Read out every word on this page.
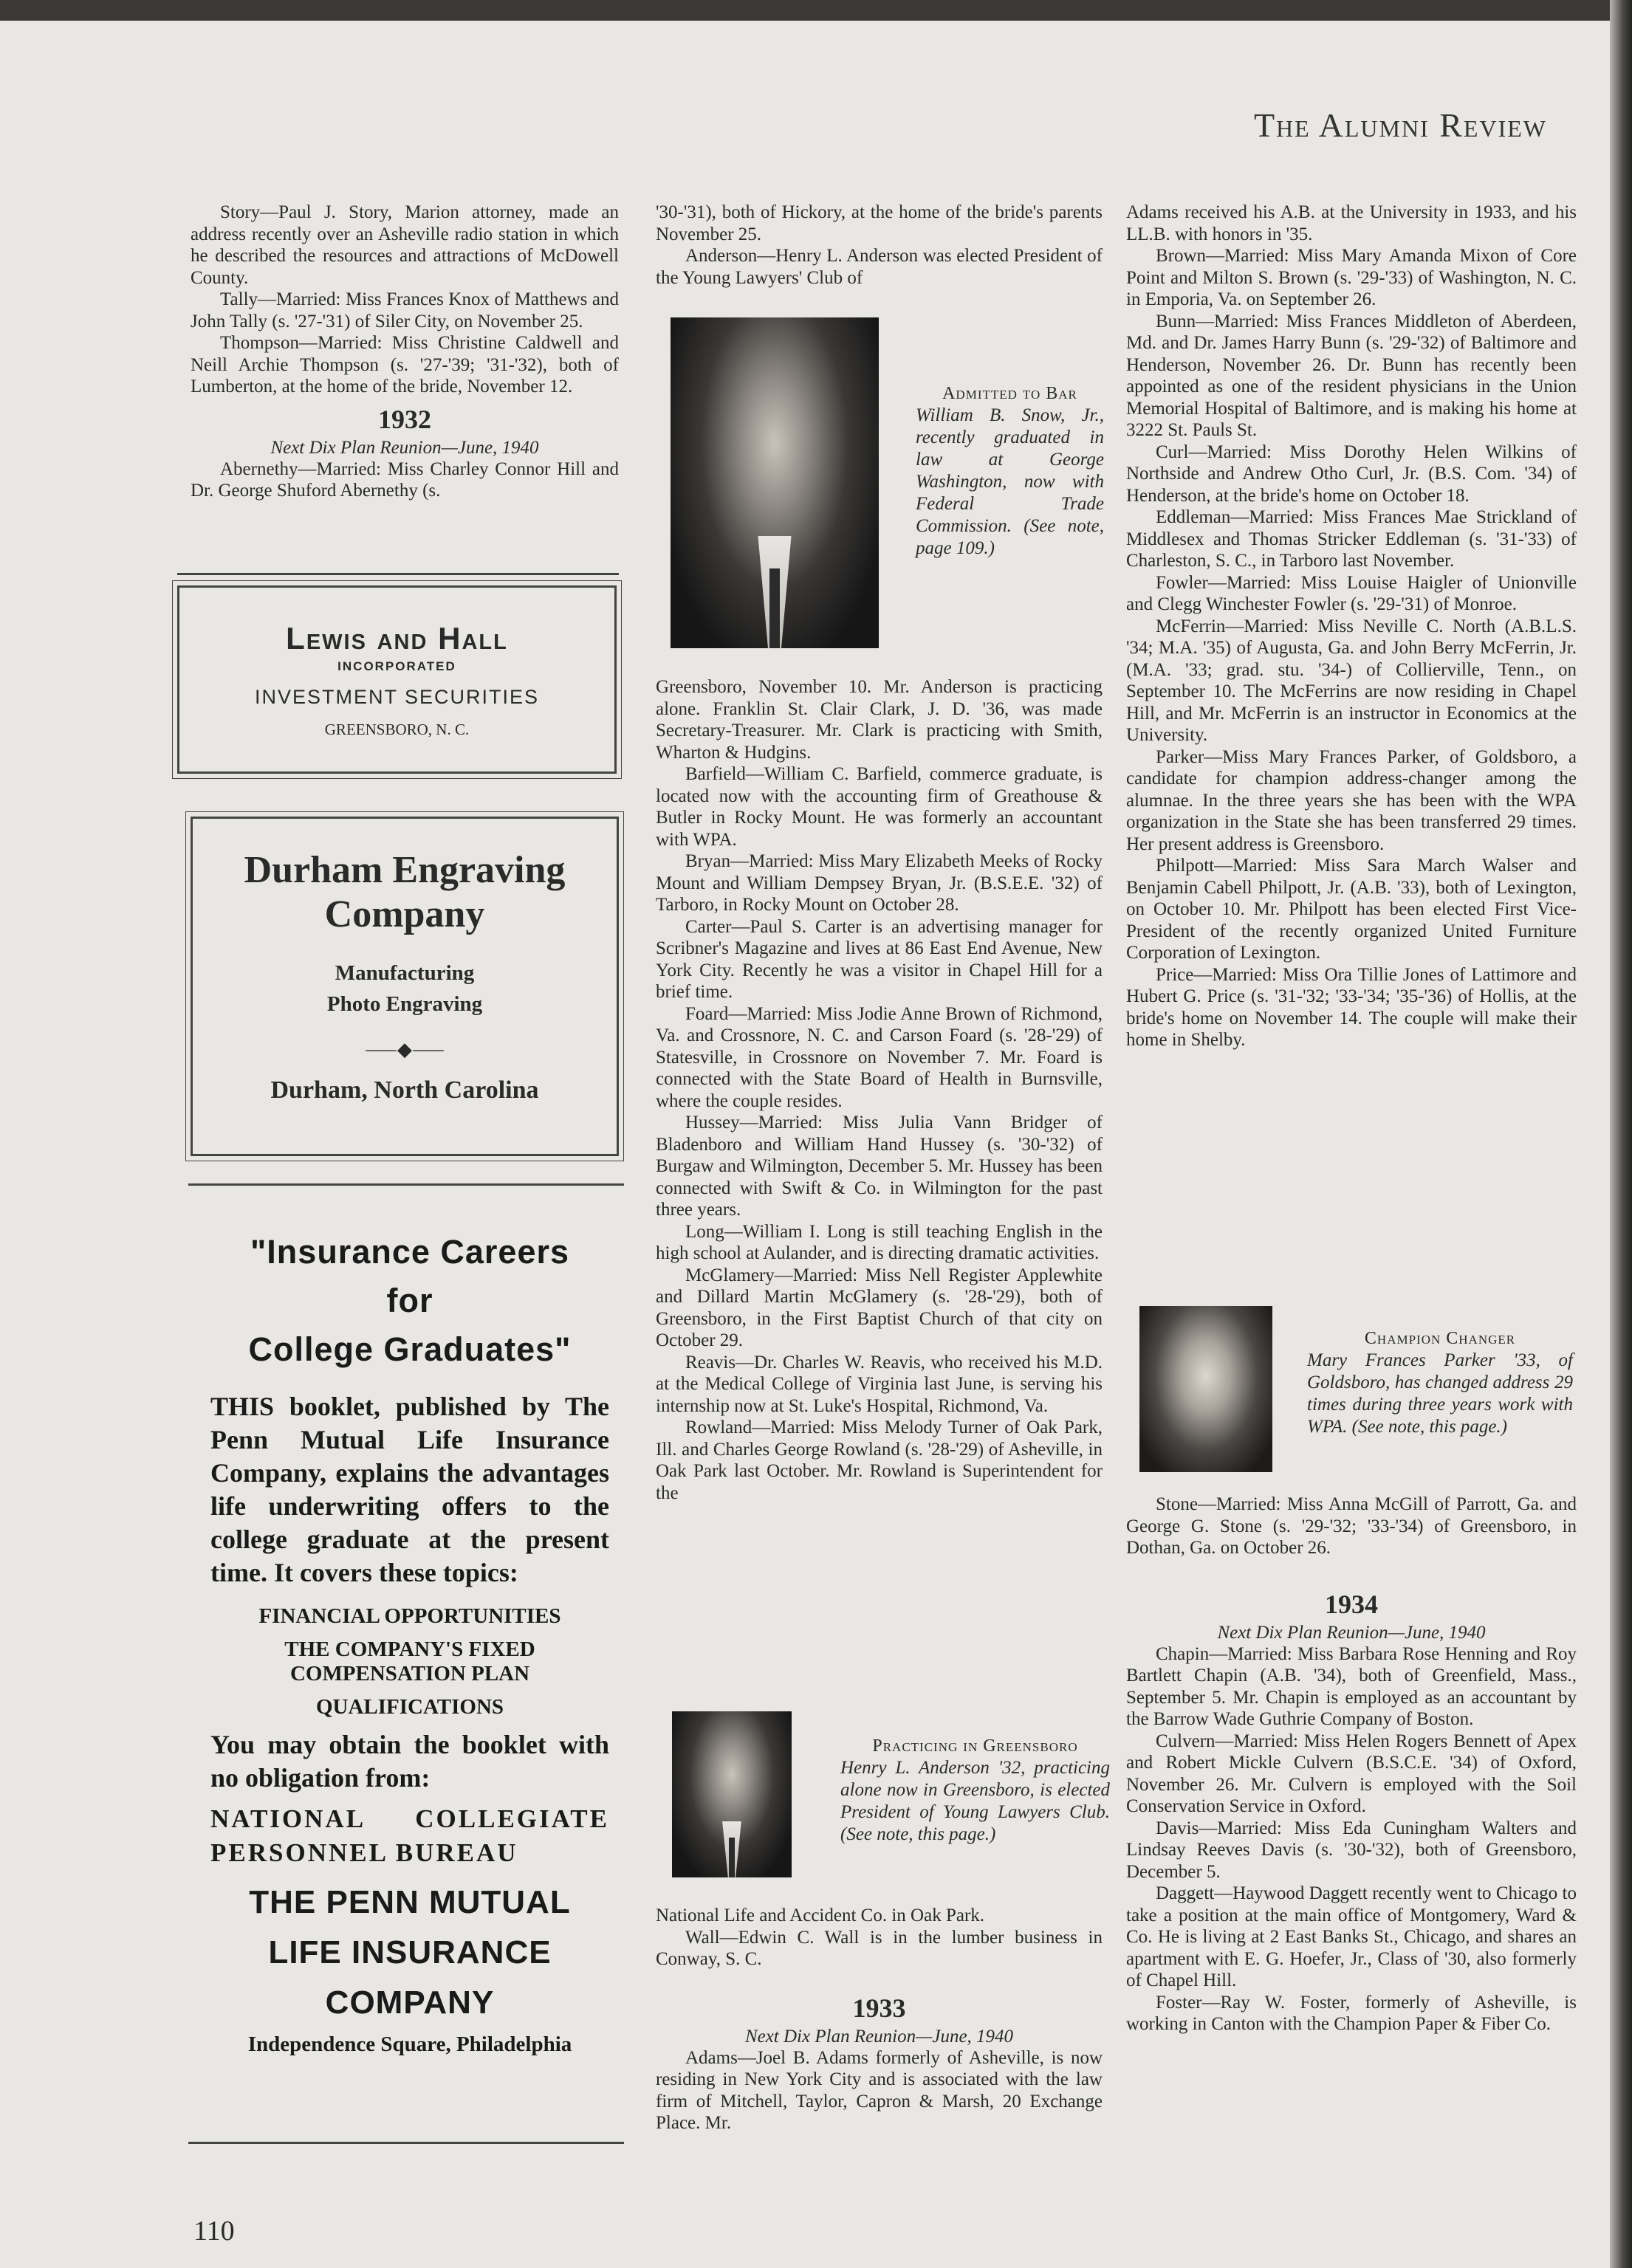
The Alumni Review

Story—Paul J. Story, Marion attorney, made an address recently over an Asheville radio station in which he described the resources and attractions of McDowell County.

Tally—Married: Miss Frances Knox of Matthews and John Tally (s. '27-'31) of Siler City, on November 25.

Thompson—Married: Miss Christine Caldwell and Neill Archie Thompson (s. '27-'39; '31-'32), both of Lumberton, at the home of the bride, November 12.

1932
Next Dix Plan Reunion—June, 1940

Abernethy—Married: Miss Charley Connor Hill and Dr. George Shuford Abernethy (s.

Lewis and Hall
INCORPORATED
INVESTMENT SECURITIES
GREENSBORO, N. C.
Durham Engraving
Company
Manufacturing
Photo Engraving
⸺◆⸺
Durham, North Carolina
"Insurance Careers
for
College Graduates"
THIS booklet, published by The Penn Mutual Life Insurance Company, explains the advantages life underwriting offers to the college graduate at the present time. It covers these topics:
FINANCIAL OPPORTUNITIES
THE COMPANY'S FIXED COMPENSATION PLAN
QUALIFICATIONS
You may obtain the booklet with no obligation from:
NATIONAL COLLEGIATE PERSONNEL BUREAU
THE PENN MUTUAL
LIFE INSURANCE
COMPANY
Independence Square, Philadelphia

'30-'31), both of Hickory, at the home of the bride's parents November 25.

Anderson—Henry L. Anderson was elected President of the Young Lawyers' Club of

Admitted to Bar
William B. Snow, Jr., recently graduated in law at George Washington, now with Federal Trade Commission. (See note, page 109.)

Greensboro, November 10. Mr. Anderson is practicing alone. Franklin St. Clair Clark, J. D. '36, was made Secretary-Treasurer. Mr. Clark is practicing with Smith, Wharton & Hudgins.

Barfield—William C. Barfield, commerce graduate, is located now with the accounting firm of Greathouse & Butler in Rocky Mount. He was formerly an accountant with WPA.

Bryan—Married: Miss Mary Elizabeth Meeks of Rocky Mount and William Dempsey Bryan, Jr. (B.S.E.E. '32) of Tarboro, in Rocky Mount on October 28.

Carter—Paul S. Carter is an advertising manager for Scribner's Magazine and lives at 86 East End Avenue, New York City. Recently he was a visitor in Chapel Hill for a brief time.

Foard—Married: Miss Jodie Anne Brown of Richmond, Va. and Crossnore, N. C. and Carson Foard (s. '28-'29) of Statesville, in Crossnore on November 7. Mr. Foard is connected with the State Board of Health in Burnsville, where the couple resides.

Hussey—Married: Miss Julia Vann Bridger of Bladenboro and William Hand Hussey (s. '30-'32) of Burgaw and Wilmington, December 5. Mr. Hussey has been connected with Swift & Co. in Wilmington for the past three years.

Long—William I. Long is still teaching English in the high school at Aulander, and is directing dramatic activities.

McGlamery—Married: Miss Nell Register Applewhite and Dillard Martin McGlamery (s. '28-'29), both of Greensboro, in the First Baptist Church of that city on October 29.

Reavis—Dr. Charles W. Reavis, who received his M.D. at the Medical College of Virginia last June, is serving his internship now at St. Luke's Hospital, Richmond, Va.

Rowland—Married: Miss Melody Turner of Oak Park, Ill. and Charles George Rowland (s. '28-'29) of Asheville, in Oak Park last October. Mr. Rowland is Superintendent for the

Practicing in Greensboro
Henry L. Anderson '32, practicing alone now in Greensboro, is elected President of Young Lawyers Club. (See note, this page.)

National Life and Accident Co. in Oak Park.

Wall—Edwin C. Wall is in the lumber business in Conway, S. C.

1933
Next Dix Plan Reunion—June, 1940

Adams—Joel B. Adams formerly of Asheville, is now residing in New York City and is associated with the law firm of Mitchell, Taylor, Capron & Marsh, 20 Exchange Place. Mr.

Adams received his A.B. at the University in 1933, and his LL.B. with honors in '35.

Brown—Married: Miss Mary Amanda Mixon of Core Point and Milton S. Brown (s. '29-'33) of Washington, N. C. in Emporia, Va. on September 26.

Bunn—Married: Miss Frances Middleton of Aberdeen, Md. and Dr. James Harry Bunn (s. '29-'32) of Baltimore and Henderson, November 26. Dr. Bunn has recently been appointed as one of the resident physicians in the Union Memorial Hospital of Baltimore, and is making his home at 3222 St. Pauls St.

Curl—Married: Miss Dorothy Helen Wilkins of Northside and Andrew Otho Curl, Jr. (B.S. Com. '34) of Henderson, at the bride's home on October 18.

Eddleman—Married: Miss Frances Mae Strickland of Middlesex and Thomas Stricker Eddleman (s. '31-'33) of Charleston, S. C., in Tarboro last November.

Fowler—Married: Miss Louise Haigler of Unionville and Clegg Winchester Fowler (s. '29-'31) of Monroe.

McFerrin—Married: Miss Neville C. North (A.B.L.S. '34; M.A. '35) of Augusta, Ga. and John Berry McFerrin, Jr. (M.A. '33; grad. stu. '34-) of Collierville, Tenn., on September 10. The McFerrins are now residing in Chapel Hill, and Mr. McFerrin is an instructor in Economics at the University.

Parker—Miss Mary Frances Parker, of Goldsboro, a candidate for champion address-changer among the alumnae. In the three years she has been with the WPA organization in the State she has been transferred 29 times. Her present address is Greensboro.

Philpott—Married: Miss Sara March Walser and Benjamin Cabell Philpott, Jr. (A.B. '33), both of Lexington, on October 10. Mr. Philpott has been elected First Vice-President of the recently organized United Furniture Corporation of Lexington.

Price—Married: Miss Ora Tillie Jones of Lattimore and Hubert G. Price (s. '31-'32; '33-'34; '35-'36) of Hollis, at the bride's home on November 14. The couple will make their home in Shelby.

Champion Changer
Mary Frances Parker '33, of Goldsboro, has changed address 29 times during three years work with WPA. (See note, this page.)

Stone—Married: Miss Anna McGill of Parrott, Ga. and George G. Stone (s. '29-'32; '33-'34) of Greensboro, in Dothan, Ga. on October 26.

1934
Next Dix Plan Reunion—June, 1940

Chapin—Married: Miss Barbara Rose Henning and Roy Bartlett Chapin (A.B. '34), both of Greenfield, Mass., September 5. Mr. Chapin is employed as an accountant by the Barrow Wade Guthrie Company of Boston.

Culvern—Married: Miss Helen Rogers Bennett of Apex and Robert Mickle Culvern (B.S.C.E. '34) of Oxford, November 26. Mr. Culvern is employed with the Soil Conservation Service in Oxford.

Davis—Married: Miss Eda Cuningham Walters and Lindsay Reeves Davis (s. '30-'32), both of Greensboro, December 5.

Daggett—Haywood Daggett recently went to Chicago to take a position at the main office of Montgomery, Ward & Co. He is living at 2 East Banks St., Chicago, and shares an apartment with E. G. Hoefer, Jr., Class of '30, also formerly of Chapel Hill.

Foster—Ray W. Foster, formerly of Asheville, is working in Canton with the Champion Paper & Fiber Co.

110
